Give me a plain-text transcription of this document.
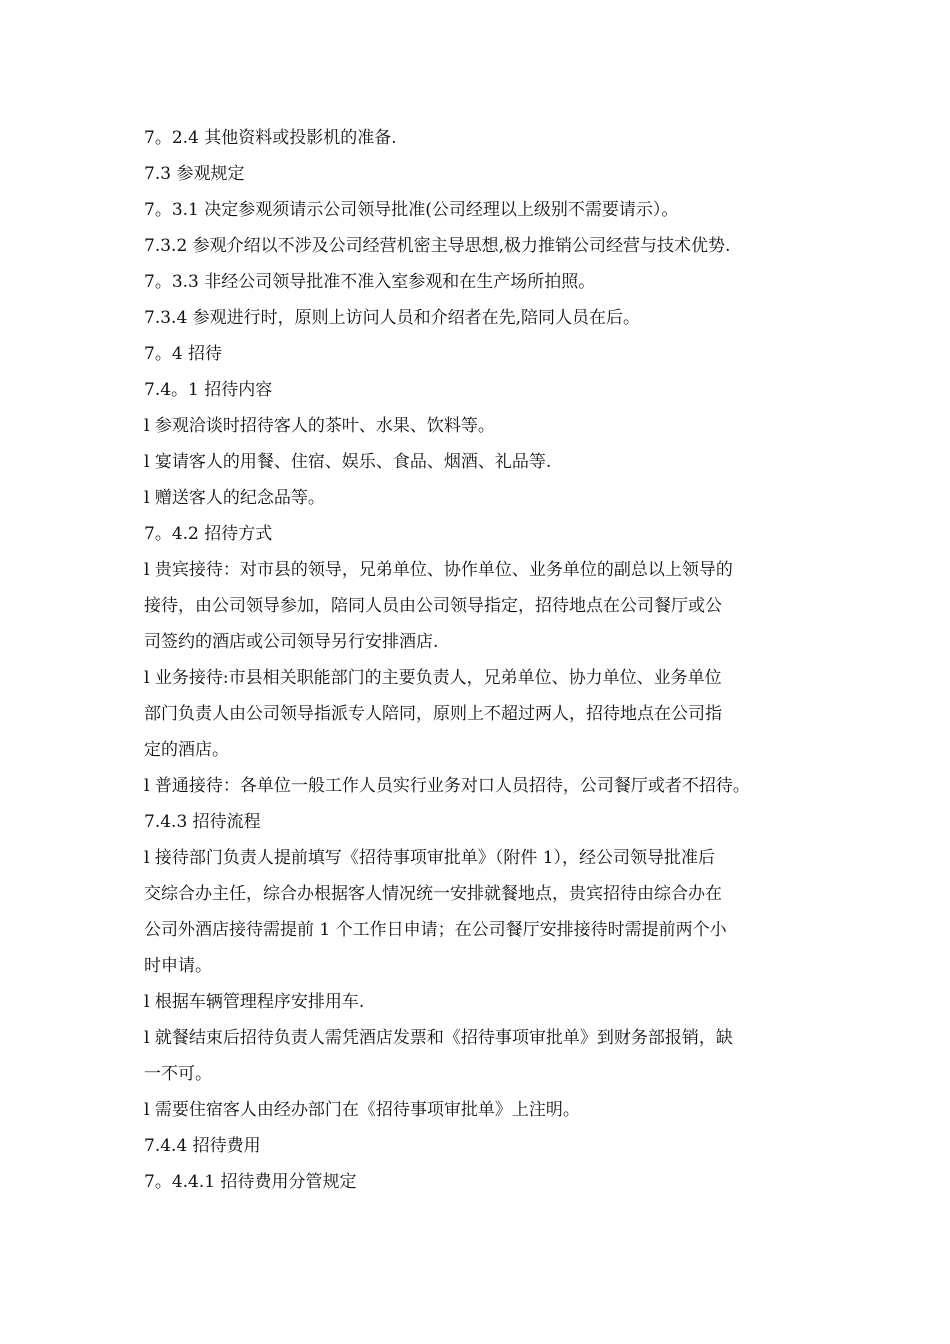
7。2.4 其他资料或投影机的准备.
7.3 参观规定
7。3.1 决定参观须请示公司领导批准(公司经理以上级别不需要请示）。
7.3.2 参观介绍以不涉及公司经营机密主导思想,极力推销公司经营与技术优势.
7。3.3 非经公司领导批准不准入室参观和在生产场所拍照。
7.3.4 参观进行时，原则上访问人员和介绍者在先,陪同人员在后。
7。4 招待
7.4。1 招待内容
l 参观洽谈时招待客人的茶叶、水果、饮料等。
l 宴请客人的用餐、住宿、娱乐、食品、烟酒、礼品等.
l 赠送客人的纪念品等。
7。4.2 招待方式
l 贵宾接待：对市县的领导，兄弟单位、协作单位、业务单位的副总以上领导的
接待，由公司领导参加，陪同人员由公司领导指定，招待地点在公司餐厅或公
司签约的酒店或公司领导另行安排酒店.
l 业务接待:市县相关职能部门的主要负责人，兄弟单位、协力单位、业务单位
部门负责人由公司领导指派专人陪同，原则上不超过两人，招待地点在公司指
定的酒店。
l 普通接待：各单位一般工作人员实行业务对口人员招待，公司餐厅或者不招待。
7.4.3 招待流程
l 接待部门负责人提前填写《招待事项审批单》（附件 1），经公司领导批准后
交综合办主任，综合办根据客人情况统一安排就餐地点，贵宾招待由综合办在
公司外酒店接待需提前 1 个工作日申请；在公司餐厅安排接待时需提前两个小
时申请。
l 根据车辆管理程序安排用车.
l 就餐结束后招待负责人需凭酒店发票和《招待事项审批单》到财务部报销，缺
一不可。
l 需要住宿客人由经办部门在《招待事项审批单》上注明。
7.4.4 招待费用
7。4.4.1 招待费用分管规定
